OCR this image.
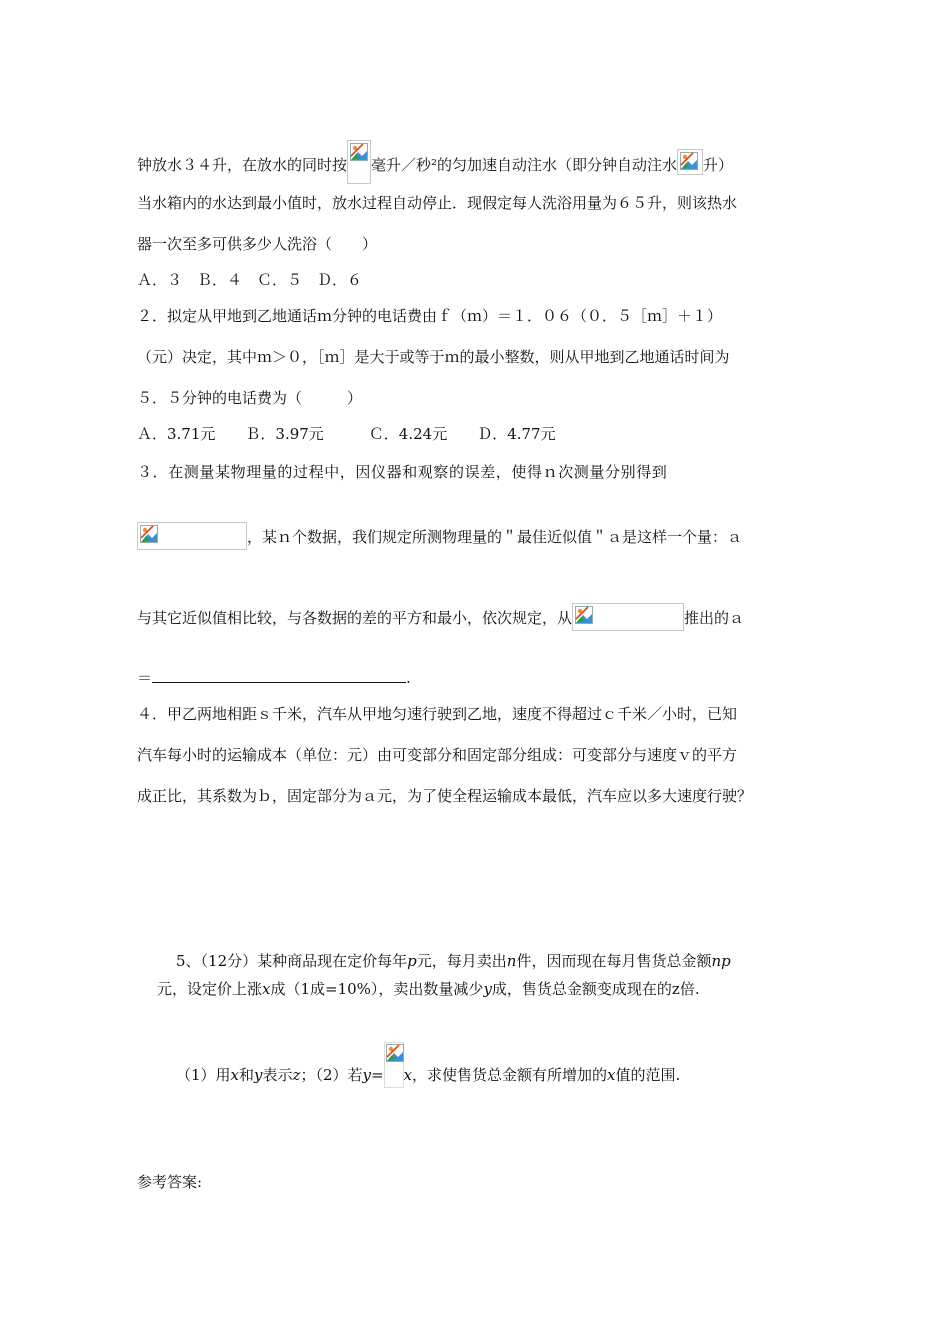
钟放水３４升，在放水的同时按 毫升／秒²的匀加速自动注水（即分钟自动注水 升）
当水箱内的水达到最小值时，放水过程自动停止．现假定每人洗浴用量为６５升，则该热水
器一次至多可供多少人洗浴（　　）
Ａ．３　Ｂ．４　Ｃ．５　Ｄ．６
２．拟定从甲地到乙地通话ｍ分钟的电话费由ｆ（ｍ）＝１．０６（０．５［ｍ］＋１）
（元）决定，其中ｍ＞０，［ｍ］是大于或等于ｍ的最小整数，则从甲地到乙地通话时间为
５．５分钟的电话费为（　　　）
Ａ．3.71元　　Ｂ．3.97元　　　Ｃ．4.24元　　Ｄ．4.77元
３．在测量某物理量的过程中，因仪器和观察的误差，使得ｎ次测量分别得到
，某ｎ个数据，我们规定所测物理量的＂最佳近似值＂ａ是这样一个量：ａ
与其它近似值相比较，与各数据的差的平方和最小，依次规定，从	推出的ａ
＝	.
４．甲乙两地相距ｓ千米，汽车从甲地匀速行驶到乙地，速度不得超过ｃ千米／小时，已知
汽车每小时的运输成本（单位：元）由可变部分和固定部分组成：可变部分与速度ｖ的平方
成正比，其系数为ｂ，固定部分为ａ元，为了使全程运输成本最低，汽车应以多大速度行驶？
5、（12分）某种商品现在定价每年p元，每月卖出n件，因而现在每月售货总金额np
元，设定价上涨x成（1成=10%），卖出数量减少y成，售货总金额变成现在的z倍.
（1）用x和y表示z；（2）若y= x，求使售货总金额有所增加的x值的范围.
参考答案:
